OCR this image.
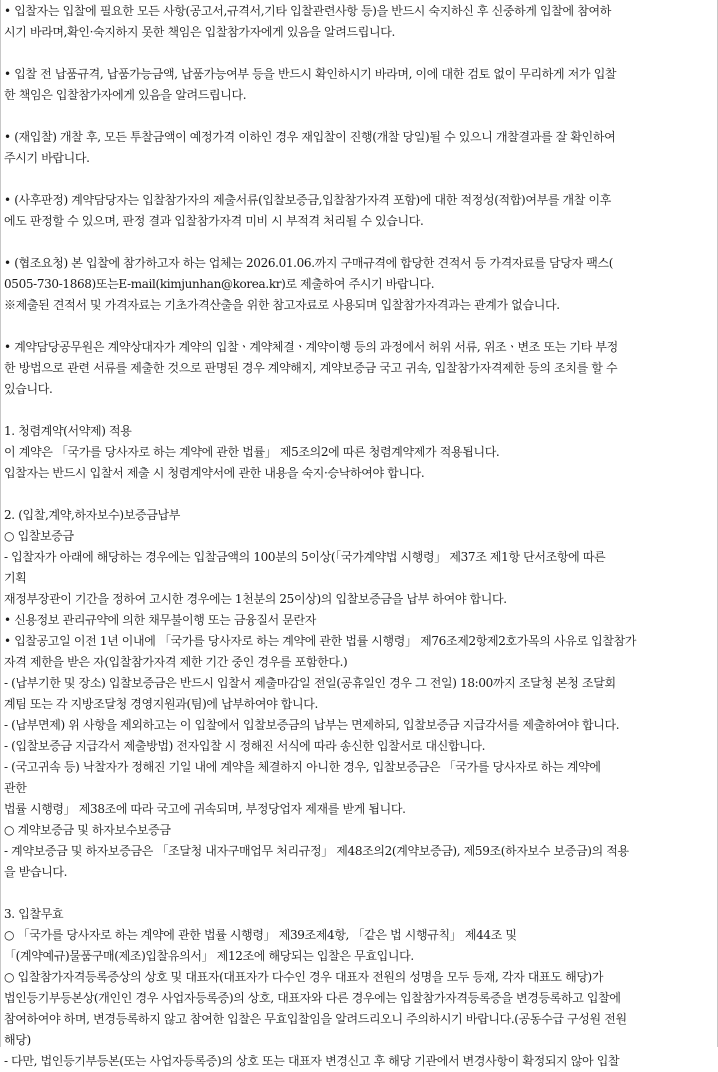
• 입찰자는 입찰에 필요한 모든 사항(공고서,규격서,기타 입찰관련사항 등)을 반드시 숙지하신 후 신중하게 입찰에 참여하
시기 바라며,확인·숙지하지 못한 책임은 입찰참가자에게 있음을 알려드립니다.
• 입찰 전 납품규격, 납품가능금액, 납품가능여부 등을 반드시 확인하시기 바라며, 이에 대한 검토 없이 무리하게 저가 입찰
한 책임은 입찰참가자에게 있음을 알려드립니다.
• (재입찰) 개찰 후, 모든 투찰금액이 예정가격 이하인 경우 재입찰이 진행(개찰 당일)될 수 있으니 개찰결과를 잘 확인하여
주시기 바랍니다.
• (사후판정) 계약담당자는 입찰참가자의 제출서류(입찰보증금,입찰참가자격 포함)에 대한 적정성(적합)여부를 개찰 이후
에도 판정할 수 있으며, 판정 결과 입찰참가자격 미비 시 부적격 처리될 수 있습니다.
• (협조요청) 본 입찰에 참가하고자 하는 업체는 2026.01.06.까지 구매규격에 합당한 견적서 등 가격자료를 담당자 팩스(
0505-730-1868)또는E-mail(kimjunhan@korea.kr)로 제출하여 주시기 바랍니다.
※제출된 견적서 및 가격자료는 기초가격산출을 위한 참고자료로 사용되며 입찰참가자격과는 관계가 없습니다.
• 계약담당공무원은 계약상대자가 계약의 입찰ㆍ계약체결ㆍ계약이행 등의 과정에서 허위 서류, 위조ㆍ변조 또는 기타 부정
한 방법으로 관련 서류를 제출한 것으로 판명된 경우 계약해지, 계약보증금 국고 귀속, 입찰참가자격제한 등의 조치를 할 수
있습니다.
1. 청렴계약(서약제) 적용
이 계약은 「국가를 당사자로 하는 계약에 관한 법률」 제5조의2에 따른 청렴계약제가 적용됩니다.
입찰자는 반드시 입찰서 제출 시 청렴계약서에 관한 내용을 숙지·승낙하여야 합니다.
2. (입찰,계약,하자보수)보증금납부
○ 입찰보증금
- 입찰자가 아래에 해당하는 경우에는 입찰금액의 100분의 5이상(「국가계약법 시행령」 제37조 제1항 단서조항에 따른
기획
재정부장관이 기간을 정하여 고시한 경우에는 1천분의 25이상)의 입찰보증금을 납부 하여야 합니다.
• 신용정보 관리규약에 의한 채무불이행 또는 금융질서 문란자
• 입찰공고일 이전 1년 이내에 「국가를 당사자로 하는 계약에 관한 법률 시행령」 제76조제2항제2호가목의 사유로 입찰참가
자격 제한을 받은 자(입찰참가자격 제한 기간 중인 경우를 포함한다.)
- (납부기한 및 장소) 입찰보증금은 반드시 입찰서 제출마감일 전일(공휴일인 경우 그 전일) 18:00까지 조달청 본청 조달회
계팀 또는 각 지방조달청 경영지원과(팀)에 납부하여야 합니다.
- (납부면제) 위 사항을 제외하고는 이 입찰에서 입찰보증금의 납부는 면제하되, 입찰보증금 지급각서를 제출하여야 합니다.
- (입찰보증금 지급각서 제출방법) 전자입찰 시 정해진 서식에 따라 송신한 입찰서로 대신합니다.
- (국고귀속 등) 낙찰자가 정해진 기일 내에 계약을 체결하지 아니한 경우, 입찰보증금은 「국가를 당사자로 하는 계약에
관한
법률 시행령」 제38조에 따라 국고에 귀속되며, 부정당업자 제재를 받게 됩니다.
○ 계약보증금 및 하자보수보증금
- 계약보증금 및 하자보증금은 「조달청 내자구매업무 처리규정」 제48조의2(계약보증금), 제59조(하자보수 보증금)의 적용
을 받습니다.
3. 입찰무효
○ 「국가를 당사자로 하는 계약에 관한 법률 시행령」 제39조제4항, 「같은 법 시행규칙」 제44조 및
「(계약예규)물품구매(제조)입찰유의서」 제12조에 해당되는 입찰은 무효입니다.
○ 입찰참가자격등록증상의 상호 및 대표자(대표자가 다수인 경우 대표자 전원의 성명을 모두 등재, 각자 대표도 해당)가
법인등기부등본상(개인인 경우 사업자등록증)의 상호, 대표자와 다른 경우에는 입찰참가자격등록증을 변경등록하고 입찰에
참여하여야 하며, 변경등록하지 않고 참여한 입찰은 무효입찰임을 알려드리오니 주의하시기 바랍니다.(공동수급 구성원 전원
해당)
- 다만, 법인등기부등본(또는 사업자등록증)의 상호 또는 대표자 변경신고 후 해당 기관에서 변경사항이 확정되지 않아 입찰
